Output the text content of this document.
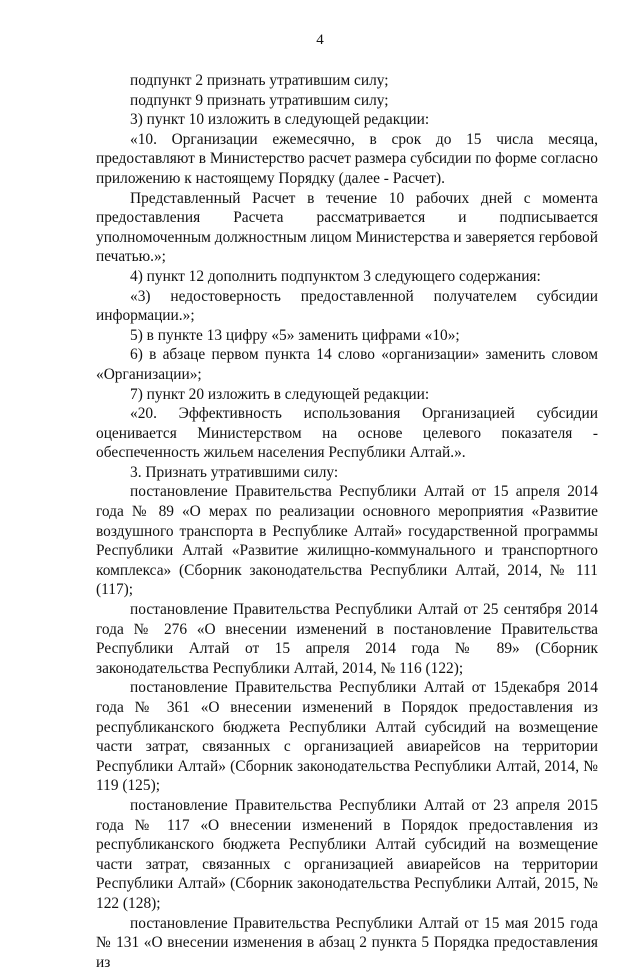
4

подпункт 2 признать утратившим силу;

подпункт 9 признать утратившим силу;

3) пункт 10 изложить в следующей редакции:

«10. Организации ежемесячно, в срок до 15 числа месяца, предоставляют в Министерство расчет размера субсидии по форме согласно приложению к настоящему Порядку (далее - Расчет).

Представленный Расчет в течение 10 рабочих дней с момента предоставления Расчета рассматривается и подписывается уполномоченным должностным лицом Министерства и заверяется гербовой печатью.»;

4) пункт 12 дополнить подпунктом 3 следующего содержания:

«3) недостоверность предоставленной получателем субсидии информации.»;

5) в пункте 13 цифру «5» заменить цифрами «10»;

6) в абзаце первом пункта 14 слово «организации» заменить словом «Организации»;

7) пункт 20 изложить в следующей редакции:

«20. Эффективность использования Организацией субсидии оценивается Министерством на основе целевого показателя - обеспеченность жильем населения Республики Алтай.».

3. Признать утратившими силу:

постановление Правительства Республики Алтай от 15 апреля 2014 года № 89 «О мерах по реализации основного мероприятия «Развитие воздушного транспорта в Республике Алтай» государственной программы Республики Алтай «Развитие жилищно-коммунального и транспортного комплекса» (Сборник законодательства Республики Алтай, 2014, № 111 (117);

постановление Правительства Республики Алтай от 25 сентября 2014 года № 276 «О внесении изменений в постановление Правительства Республики Алтай от 15 апреля 2014 года № 89» (Сборник законодательства Республики Алтай, 2014, № 116 (122);

постановление Правительства Республики Алтай от 15декабря 2014 года № 361 «О внесении изменений в Порядок предоставления из республиканского бюджета Республики Алтай субсидий на возмещение части затрат, связанных с организацией авиарейсов на территории Республики Алтай» (Сборник законодательства Республики Алтай, 2014, № 119 (125);

постановление Правительства Республики Алтай от 23 апреля 2015 года № 117 «О внесении изменений в Порядок предоставления из республиканского бюджета Республики Алтай субсидий на возмещение части затрат, связанных с организацией авиарейсов на территории Республики Алтай» (Сборник законодательства Республики Алтай, 2015, № 122 (128);

постановление Правительства Республики Алтай от 15 мая 2015 года № 131 «О внесении изменения в абзац 2 пункта 5 Порядка предоставления из
